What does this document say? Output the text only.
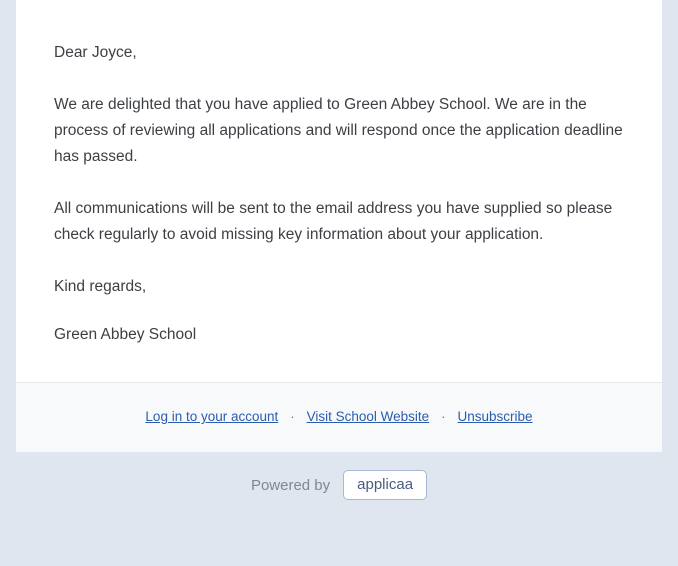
Dear Joyce,

We are delighted that you have applied to Green Abbey School. We are in the process of reviewing all applications and will respond once the application deadline has passed.

All communications will be sent to the email address you have supplied so please check regularly to avoid missing key information about your application.

Kind regards,

Green Abbey School

Log in to your account · Visit School Website · Unsubscribe
Powered by	applicaa
